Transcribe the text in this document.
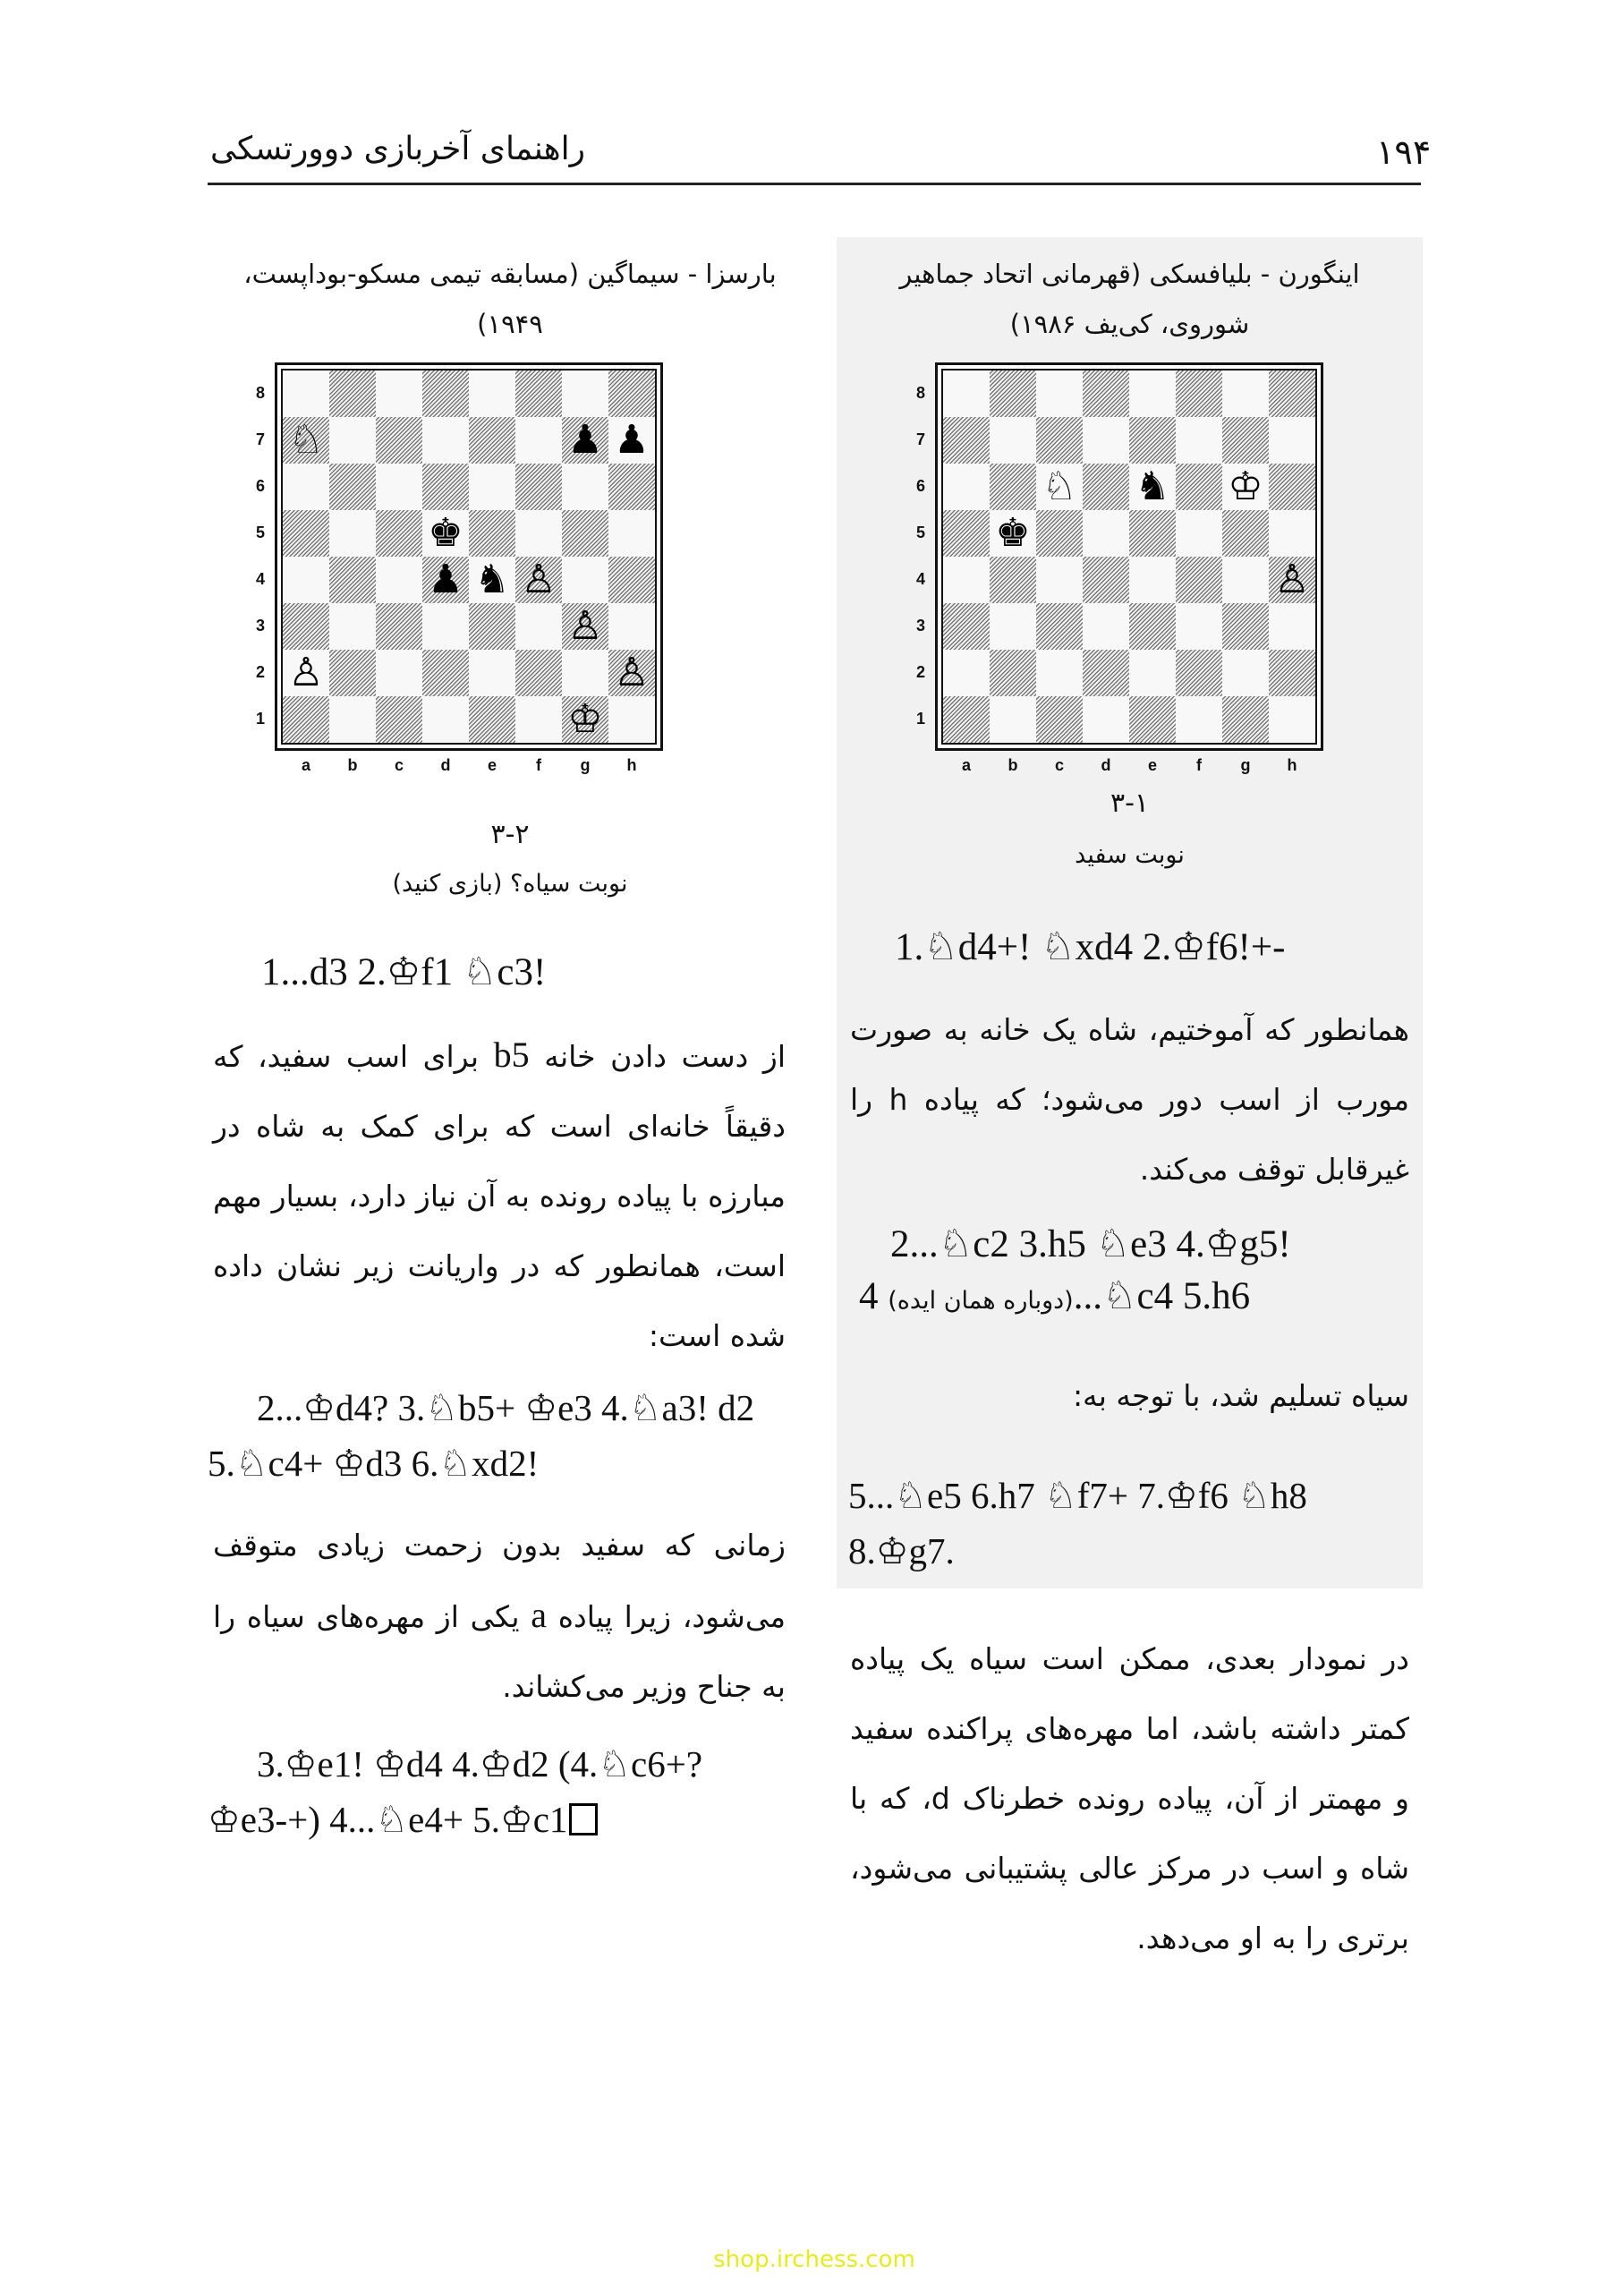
۱۹۴
راهنمای آخربازی دوورتسکی
اینگورن - بلیافسکی (قهرمانی اتحاد جماهیر
شوروی، کی‌یف ۱۹۸۶)
♘ ♞ ♔
♚
♙
۳-۱
نوبت سفید
1.♘d4+! ♘xd4 2.♔f6!+-
همانطور که آموختیم، شاه یک خانه به صورت مورب از اسب دور می‌شود؛ که پیاده h را غیرقابل توقف می‌کند.
2...♘c2 3.h5 ♘e3 4.♔g5!
(دوباره همان ایده) 4...♘c4 5.h6
سیاه تسلیم شد، با توجه به:
5...♘e5 6.h7 ♘f7+ 7.♔f6 ♘h8 8.♔g7.
در نمودار بعدی، ممکن است سیاه یک پیاده کمتر داشته باشد، اما مهره‌های پراکنده سفید و مهمتر از آن، پیاده رونده خطرناک d، که با شاه و اسب در مرکز عالی پشتیبانی می‌شود، برتری را به او می‌دهد.
بارسزا - سیماگین (مسابقه تیمی مسکو-بوداپست،
۱۹۴۹)
♘	♟ ♟
♚
♟ ♞ ♙
♙
♙	♙
♔
۳-۲
نوبت سیاه؟ (بازی کنید)
1...d3 2.♔f1 ♘c3!
از دست دادن خانه b5 برای اسب سفید، که دقیقاً خانه‌ای است که برای کمک به شاه در مبارزه با پیاده رونده به آن نیاز دارد، بسیار مهم است، همانطور که در واریانت زیر نشان داده شده است:
2...♔d4? 3.♘b5+ ♔e3 4.♘a3! d2 5.♘c4+ ♔d3 6.♘xd2!
زمانی که سفید بدون زحمت زیادی متوقف می‌شود، زیرا پیاده a یکی از مهره‌های سیاه را به جناح وزیر می‌کشاند.
3.♔e1! ♔d4 4.♔d2 (4.♘c6+? ♔e3-+) 4...♘e4+ 5.♔c1
shop.irchess.com
8
7
6
5
4
3
2
1
a	b	c	d	e	f	g	h
8
7
6
5
4
3
2
1
a	b	c	d	e	f	g	h
